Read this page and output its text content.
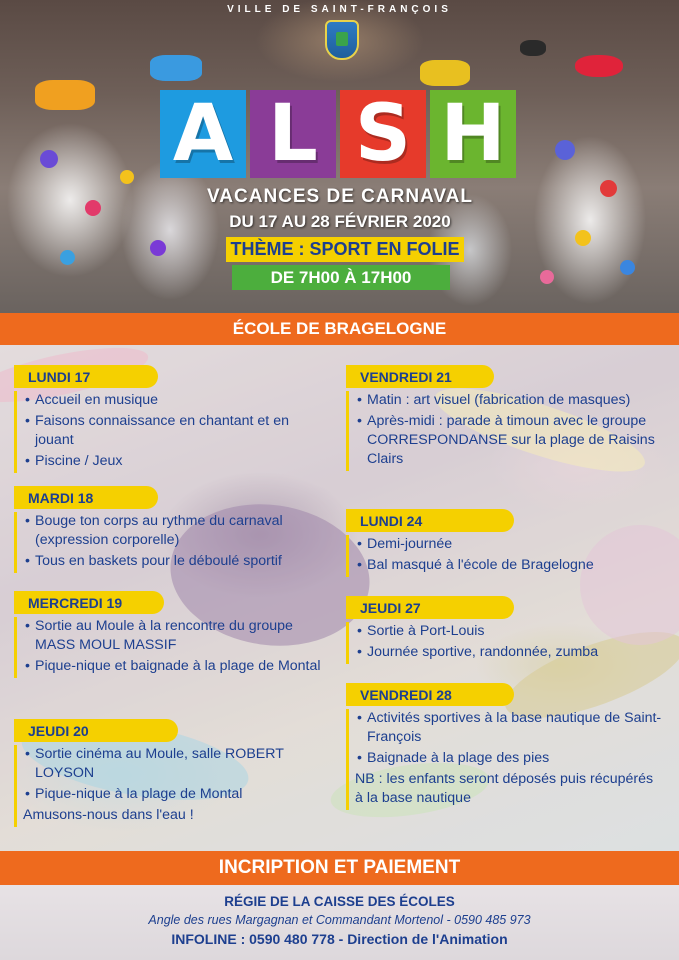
VILLE DE SAINT-FRANÇOIS
A L S H
VACANCES DE CARNAVAL
DU 17 AU 28 FÉVRIER 2020
THÈME : SPORT EN FOLIE
DE 7H00 À 17H00
ÉCOLE DE BRAGELOGNE
LUNDI 17
• Accueil en musique
• Faisons connaissance en chantant et en jouant
• Piscine / Jeux
MARDI 18
• Bouge ton corps au rythme du carnaval (expression corporelle)
• Tous en baskets pour le déboulé sportif
MERCREDI 19
• Sortie au Moule à la rencontre du groupe MASS MOUL MASSIF
• Pique-nique et baignade à la plage de Montal
JEUDI 20
• Sortie cinéma au Moule, salle ROBERT LOYSON
• Pique-nique à la plage de Montal
Amusons-nous dans l'eau !
VENDREDI 21
• Matin : art visuel (fabrication de masques)
• Après-midi : parade à timoun avec le groupe CORRESPONDANSE sur la plage de Raisins Clairs
LUNDI 24
• Demi-journée
• Bal masqué à l'école de Bragelogne
JEUDI 27
• Sortie à Port-Louis
• Journée sportive, randonnée, zumba
VENDREDI 28
• Activités sportives à la base nautique de Saint-François
• Baignade à la plage des pies
NB : les enfants seront déposés puis récupérés à la base nautique
INCRIPTION ET PAIEMENT
RÉGIE DE LA CAISSE DES ÉCOLES
Angle des rues Margagnan et Commandant Mortenol - 0590 485 973
INFOLINE : 0590 480 778 - Direction de l'Animation
